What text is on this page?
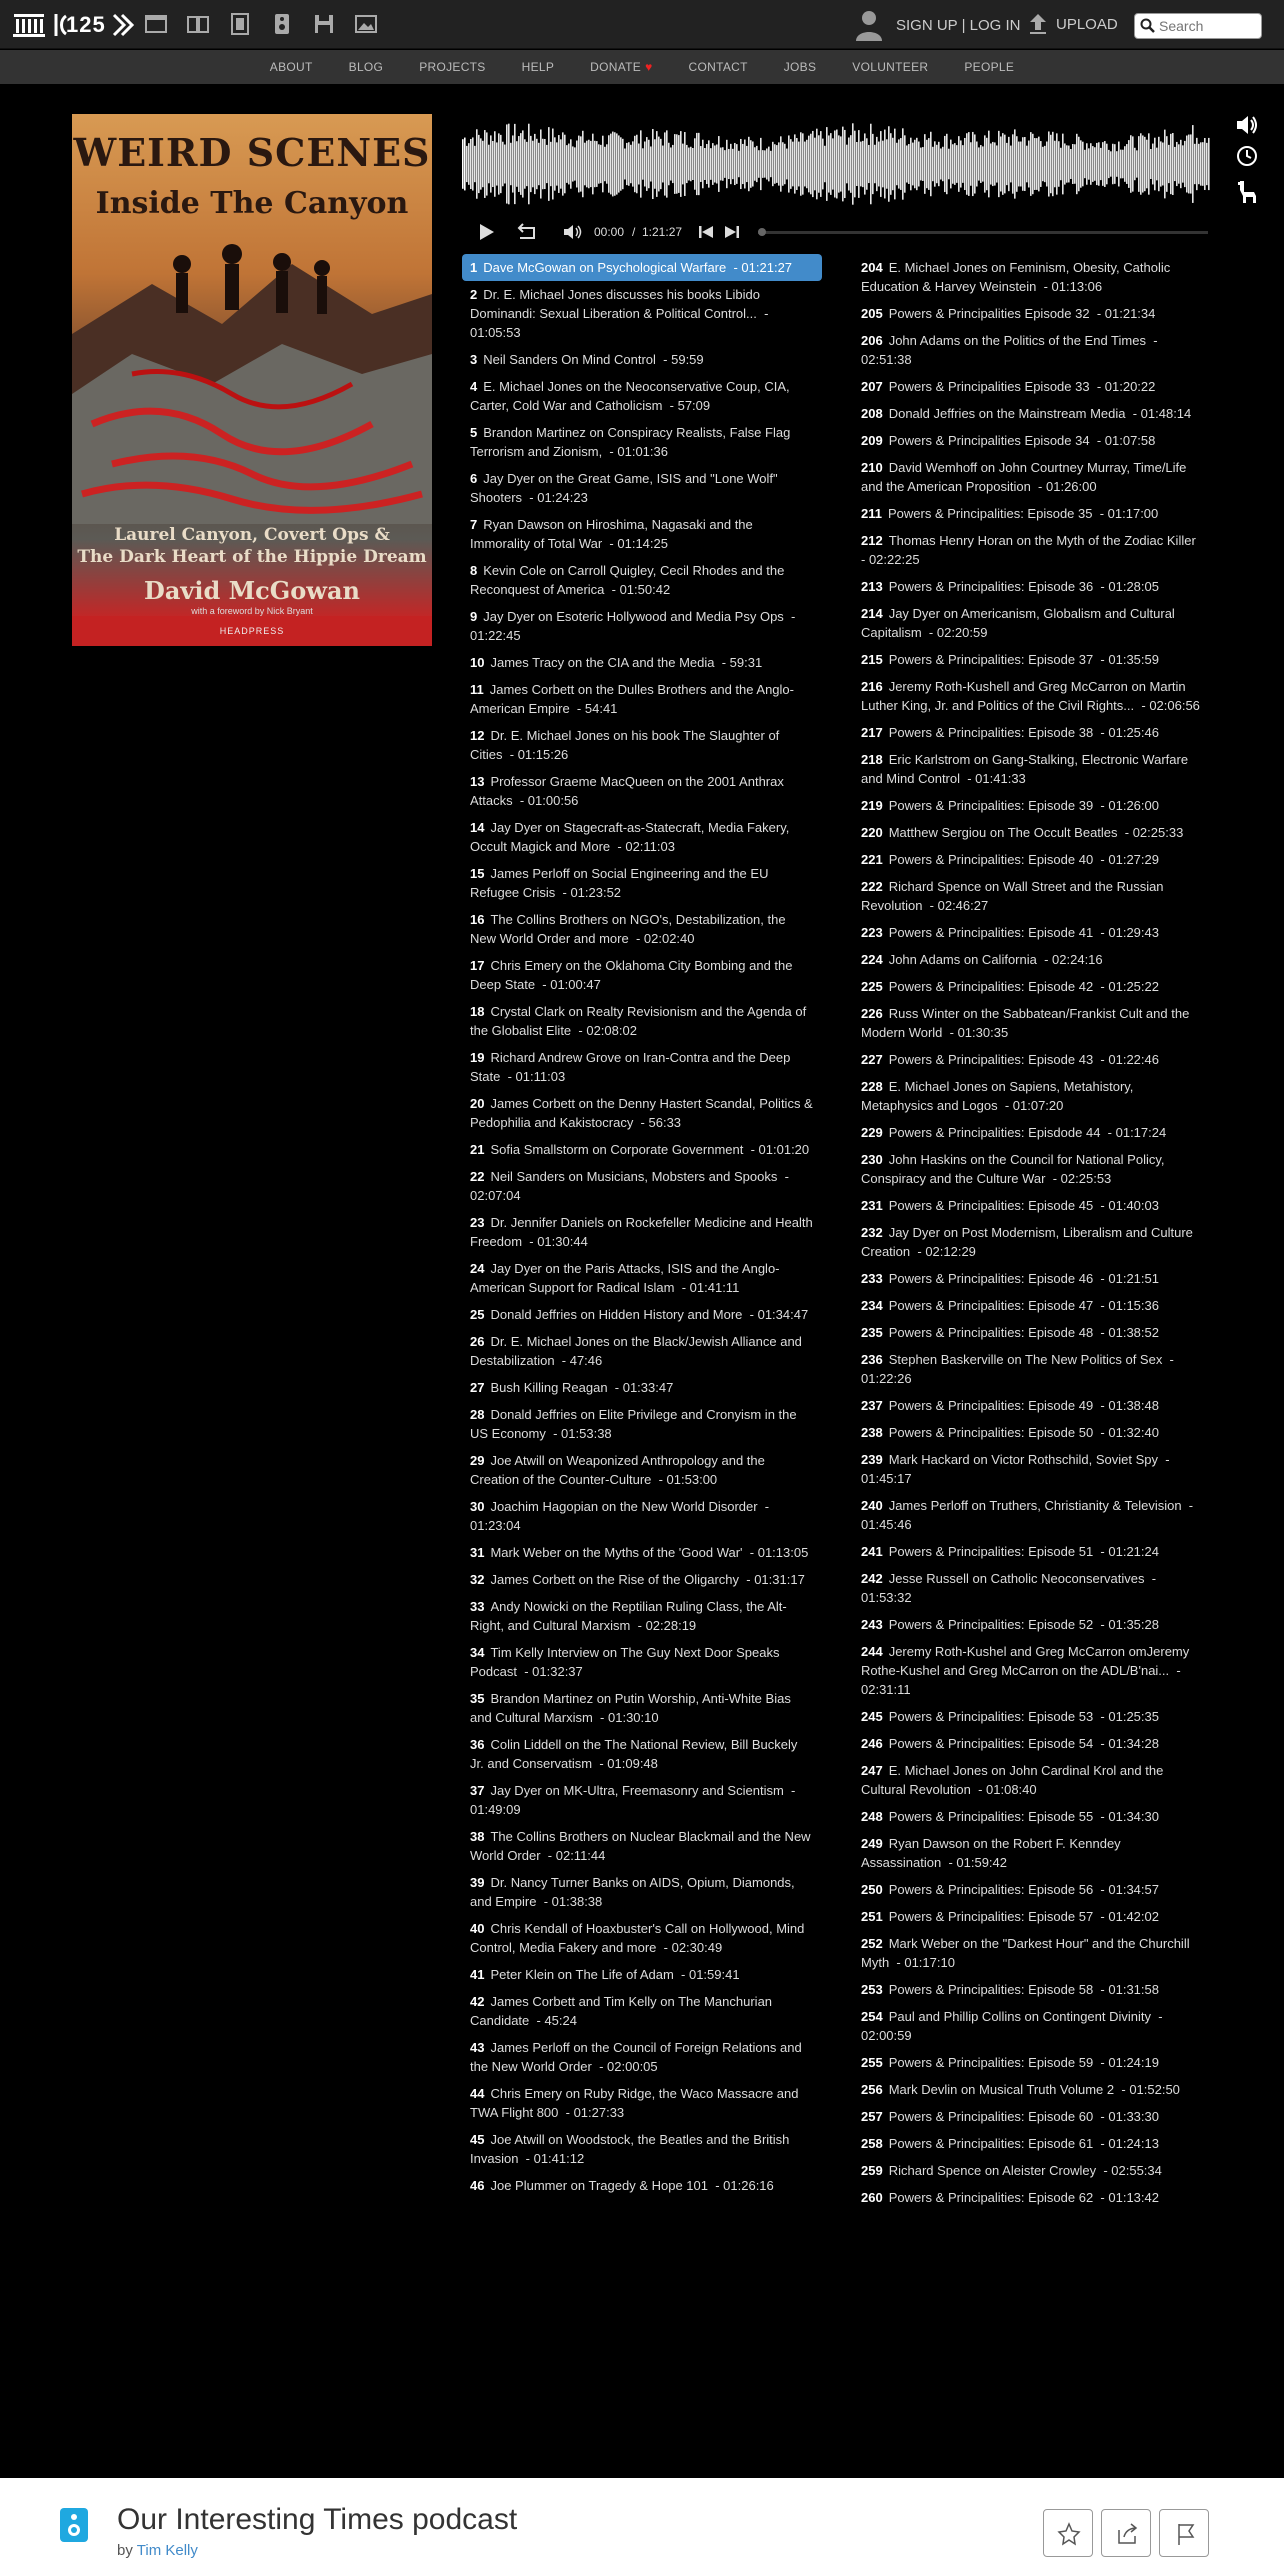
125	SIGN UP | LOG IN UPLOAD
Search
ABOUT	BLOG	PROJECTS	HELP	DONATE ♥	CONTACT	JOBS	VOLUNTEER	PEOPLE
WEIRD SCENES
Inside The Canyon
Laurel Canyon, Covert Ops &
The Dark Heart of the Hippie Dream
David McGowan
with a foreword by Nick Bryant
HEADPRESS
00:00 / 1:21:27
1 Dave McGowan on Psychological Warfare  - 01:21:27
2 Dr. E. Michael Jones discusses his books Libido Dominandi: Sexual Liberation & Political Control...  - 01:05:53
3 Neil Sanders On Mind Control  - 59:59
4 E. Michael Jones on the Neoconservative Coup, CIA, Carter, Cold War and Catholicism  - 57:09
5 Brandon Martinez on Conspiracy Realists, False Flag Terrorism and Zionism,  - 01:01:36
6 Jay Dyer on the Great Game, ISIS and "Lone Wolf" Shooters  - 01:24:23
7 Ryan Dawson on Hiroshima, Nagasaki and the Immorality of Total War  - 01:14:25
8 Kevin Cole on Carroll Quigley, Cecil Rhodes and the Reconquest of America  - 01:50:42
9 Jay Dyer on Esoteric Hollywood and Media Psy Ops  - 01:22:45
10 James Tracy on the CIA and the Media  - 59:31
11 James Corbett on the Dulles Brothers and the Anglo-American Empire  - 54:41
12 Dr. E. Michael Jones on his book The Slaughter of Cities  - 01:15:26
13 Professor Graeme MacQueen on the 2001 Anthrax Attacks  - 01:00:56
14 Jay Dyer on Stagecraft-as-Statecraft, Media Fakery, Occult Magick and More  - 02:11:03
15 James Perloff on Social Engineering and the EU Refugee Crisis  - 01:23:52
16 The Collins Brothers on NGO's, Destabilization, the New World Order and more  - 02:02:40
17 Chris Emery on the Oklahoma City Bombing and the Deep State  - 01:00:47
18 Crystal Clark on Realty Revisionism and the Agenda of the Globalist Elite  - 02:08:02
19 Richard Andrew Grove on Iran-Contra and the Deep State  - 01:11:03
20 James Corbett on the Denny Hastert Scandal, Politics & Pedophilia and Kakistocracy  - 56:33
21 Sofia Smallstorm on Corporate Government  - 01:01:20
22 Neil Sanders on Musicians, Mobsters and Spooks  - 02:07:04
23 Dr. Jennifer Daniels on Rockefeller Medicine and Health Freedom  - 01:30:44
24 Jay Dyer on the Paris Attacks, ISIS and the Anglo-American Support for Radical Islam  - 01:41:11
25 Donald Jeffries on Hidden History and More  - 01:34:47
26 Dr. E. Michael Jones on the Black/Jewish Alliance and Destabilization  - 47:46
27 Bush Killing Reagan  - 01:33:47
28 Donald Jeffries on Elite Privilege and Cronyism in the US Economy  - 01:53:38
29 Joe Atwill on Weaponized Anthropology and the Creation of the Counter-Culture  - 01:53:00
30 Joachim Hagopian on the New World Disorder  - 01:23:04
31 Mark Weber on the Myths of the 'Good War'  - 01:13:05
32 James Corbett on the Rise of the Oligarchy  - 01:31:17
33 Andy Nowicki on the Reptilian Ruling Class, the Alt-Right, and Cultural Marxism  - 02:28:19
34 Tim Kelly Interview on The Guy Next Door Speaks Podcast  - 01:32:37
35 Brandon Martinez on Putin Worship, Anti-White Bias and Cultural Marxism  - 01:30:10
36 Colin Liddell on the The National Review, Bill Buckely Jr. and Conservatism  - 01:09:48
37 Jay Dyer on MK-Ultra, Freemasonry and Scientism  - 01:49:09
38 The Collins Brothers on Nuclear Blackmail and the New World Order  - 02:11:44
39 Dr. Nancy Turner Banks on AIDS, Opium, Diamonds, and Empire  - 01:38:38
40 Chris Kendall of Hoaxbuster's Call on Hollywood, Mind Control, Media Fakery and more  - 02:30:49
41 Peter Klein on The Life of Adam  - 01:59:41
42 James Corbett and Tim Kelly on The Manchurian Candidate  - 45:24
43 James Perloff on the Council of Foreign Relations and the New World Order  - 02:00:05
44 Chris Emery on Ruby Ridge, the Waco Massacre and TWA Flight 800  - 01:27:33
45 Joe Atwill on Woodstock, the Beatles and the British Invasion  - 01:41:12
46 Joe Plummer on Tragedy & Hope 101  - 01:26:16
204 E. Michael Jones on Feminism, Obesity, Catholic Education & Harvey Weinstein  - 01:13:06
205 Powers & Principalities Episode 32  - 01:21:34
206 John Adams on the Politics of the End Times  - 02:51:38
207 Powers & Principalities Episode 33  - 01:20:22
208 Donald Jeffries on the Mainstream Media  - 01:48:14
209 Powers & Principalities Episode 34  - 01:07:58
210 David Wemhoff on John Courtney Murray, Time/Life and the American Proposition  - 01:26:00
211 Powers & Principalities: Episode 35  - 01:17:00
212 Thomas Henry Horan on the Myth of the Zodiac Killer  - 02:22:25
213 Powers & Principalities: Episode 36  - 01:28:05
214 Jay Dyer on Americanism, Globalism and Cultural Capitalism  - 02:20:59
215 Powers & Principalities: Episode 37  - 01:35:59
216 Jeremy Roth-Kushell and Greg McCarron on Martin Luther King, Jr. and Politics of the Civil Rights...  - 02:06:56
217 Powers & Principalities: Episode 38  - 01:25:46
218 Eric Karlstrom on Gang-Stalking, Electronic Warfare and Mind Control  - 01:41:33
219 Powers & Principalities: Episode 39  - 01:26:00
220 Matthew Sergiou on The Occult Beatles  - 02:25:33
221 Powers & Principalities: Episode 40  - 01:27:29
222 Richard Spence on Wall Street and the Russian Revolution  - 02:46:27
223 Powers & Principalities: Episode 41  - 01:29:43
224 John Adams on California  - 02:24:16
225 Powers & Principalities: Episode 42  - 01:25:22
226 Russ Winter on the Sabbatean/Frankist Cult and the Modern World  - 01:30:35
227 Powers & Principalities: Episode 43  - 01:22:46
228 E. Michael Jones on Sapiens, Metahistory, Metaphysics and Logos  - 01:07:20
229 Powers & Principalities: Episdode 44  - 01:17:24
230 John Haskins on the Council for National Policy, Conspiracy and the Culture War  - 02:25:53
231 Powers & Principalities: Episode 45  - 01:40:03
232 Jay Dyer on Post Modernism, Liberalism and Culture Creation  - 02:12:29
233 Powers & Principalities: Episode 46  - 01:21:51
234 Powers & Principalities: Episode 47  - 01:15:36
235 Powers & Principalities: Episode 48  - 01:38:52
236 Stephen Baskerville on The New Politics of Sex  - 01:22:26
237 Powers & Principalities: Episode 49  - 01:38:48
238 Powers & Principalities: Episode 50  - 01:32:40
239 Mark Hackard on Victor Rothschild, Soviet Spy  - 01:45:17
240 James Perloff on Truthers, Christianity & Television  - 01:45:46
241 Powers & Principalities: Episode 51  - 01:21:24
242 Jesse Russell on Catholic Neoconservatives  - 01:53:32
243 Powers & Principalities: Episode 52  - 01:35:28
244 Jeremy Roth-Kushel and Greg McCarron omJeremy Rothe-Kushel and Greg McCarron on the ADL/B'nai...  - 02:31:11
245 Powers & Principalities: Episode 53  - 01:25:35
246 Powers & Principalities: Episode 54  - 01:34:28
247 E. Michael Jones on John Cardinal Krol and the Cultural Revolution  - 01:08:40
248 Powers & Principalities: Episode 55  - 01:34:30
249 Ryan Dawson on the Robert F. Kenndey Assassination  - 01:59:42
250 Powers & Principalities: Episode 56  - 01:34:57
251 Powers & Principalities: Episode 57  - 01:42:02
252 Mark Weber on the "Darkest Hour" and the Churchill Myth  - 01:17:10
253 Powers & Principalities: Episode 58  - 01:31:58
254 Paul and Phillip Collins on Contingent Divinity  - 02:00:59
255 Powers & Principalities: Episode 59  - 01:24:19
256 Mark Devlin on Musical Truth Volume 2  - 01:52:50
257 Powers & Principalities: Episode 60  - 01:33:30
258 Powers & Principalities: Episode 61  - 01:24:13
259 Richard Spence on Aleister Crowley  - 02:55:34
260 Powers & Principalities: Episode 62  - 01:13:42
Our Interesting Times podcast
by Tim Kelly
